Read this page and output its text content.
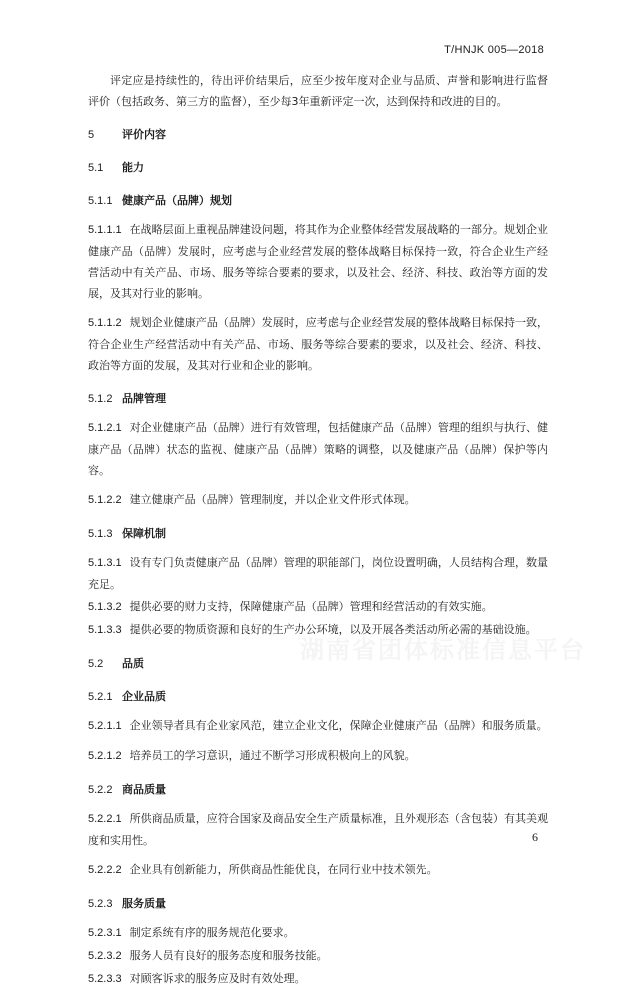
T/HNJK 005—2018
湖南省团体标准信息平台
评定应是持续性的，待出评价结果后，应至少按年度对企业与品质、声誉和影响进行监督评价（包括政务、第三方的监督），至少每3年重新评定一次，达到保持和改进的目的。
5	评价内容
5.1 能力
5.1.1 健康产品（品牌）规划
5.1.1.1 在战略层面上重视品牌建设问题，将其作为企业整体经营发展战略的一部分。规划企业健康产品（品牌）发展时，应考虑与企业经营发展的整体战略目标保持一致，符合企业生产经营活动中有关产品、市场、服务等综合要素的要求，以及社会、经济、科技、政治等方面的发展，及其对行业的影响。
5.1.1.2 规划企业健康产品（品牌）发展时，应考虑与企业经营发展的整体战略目标保持一致，符合企业生产经营活动中有关产品、市场、服务等综合要素的要求，以及社会、经济、科技、政治等方面的发展，及其对行业和企业的影响。
5.1.2 品牌管理
5.1.2.1 对企业健康产品（品牌）进行有效管理，包括健康产品（品牌）管理的组织与执行、健康产品（品牌）状态的监视、健康产品（品牌）策略的调整，以及健康产品（品牌）保护等内容。
5.1.2.2 建立健康产品（品牌）管理制度，并以企业文件形式体现。
5.1.3 保障机制
5.1.3.1 设有专门负责健康产品（品牌）管理的职能部门，岗位设置明确，人员结构合理，数量充足。
5.1.3.2 提供必要的财力支持，保障健康产品（品牌）管理和经营活动的有效实施。
5.1.3.3 提供必要的物质资源和良好的生产办公环境，以及开展各类活动所必需的基础设施。
5.2 品质
5.2.1 企业品质
5.2.1.1 企业领导者具有企业家风范，建立企业文化，保障企业健康产品（品牌）和服务质量。
5.2.1.2 培养员工的学习意识，通过不断学习形成积极向上的风貌。
5.2.2 商品质量
5.2.2.1 所供商品质量，应符合国家及商品安全生产质量标准，且外观形态（含包装）有其美观度和实用性。
5.2.2.2 企业具有创新能力，所供商品性能优良，在同行业中技术领先。
5.2.3 服务质量
5.2.3.1 制定系统有序的服务规范化要求。
5.2.3.2 服务人员有良好的服务态度和服务技能。
5.2.3.3 对顾客诉求的服务应及时有效处理。
6
